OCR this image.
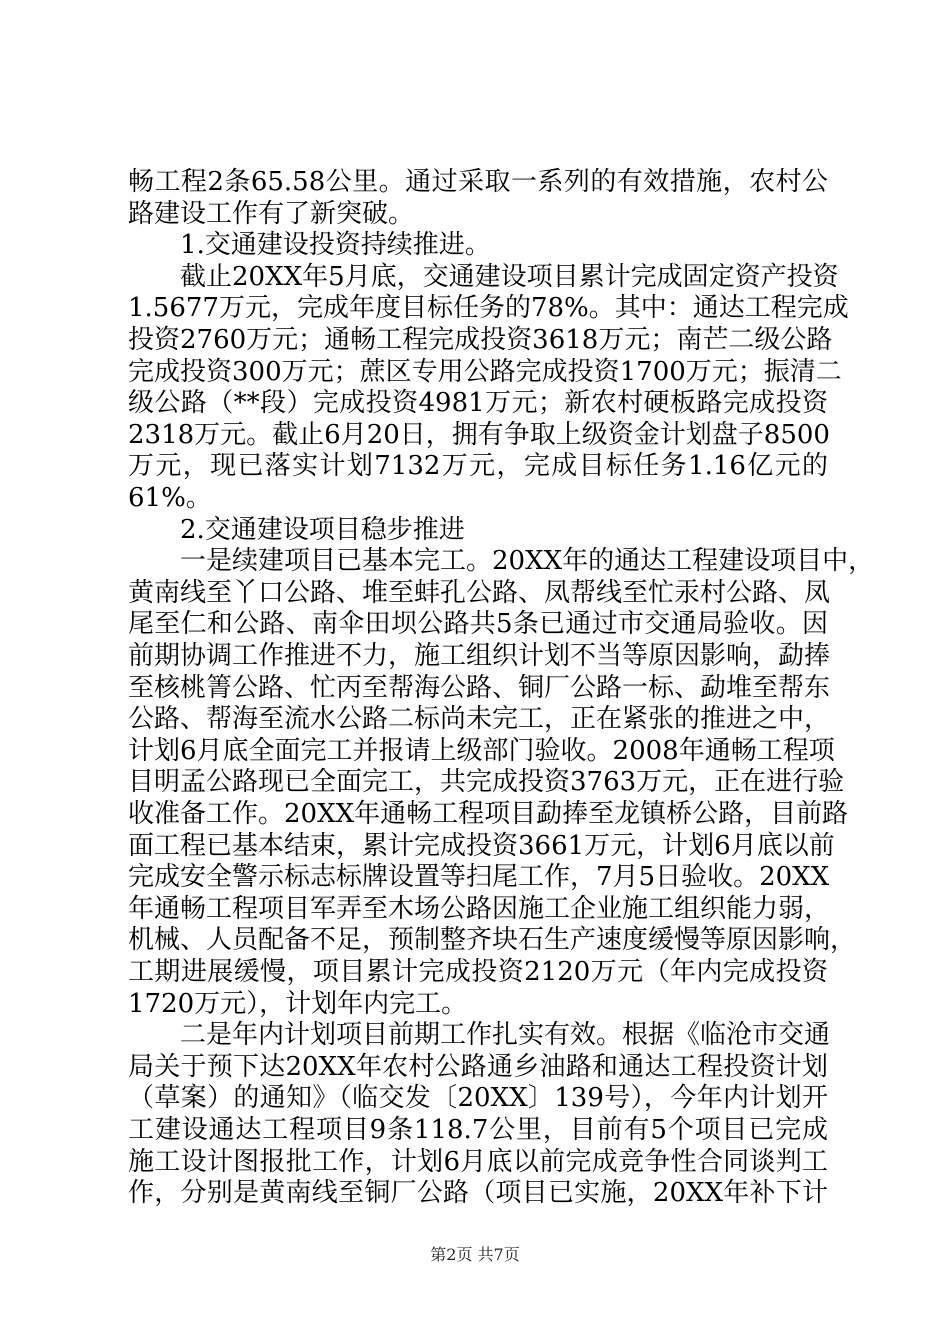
畅工程2条65.58公里。通过采取一系列的有效措施，农村公
路建设工作有了新突破。
1.交通建设投资持续推进。
截止20XX年5月底，交通建设项目累计完成固定资产投资
1.5677万元，完成年度目标任务的78%。其中：通达工程完成
投资2760万元；通畅工程完成投资3618万元；南芒二级公路
完成投资300万元；蔗区专用公路完成投资1700万元；振清二
级公路（**段）完成投资4981万元；新农村硬板路完成投资
2318万元。截止6月20日，拥有争取上级资金计划盘子8500
万元，现已落实计划7132万元，完成目标任务1.16亿元的
61%。
2.交通建设项目稳步推进
一是续建项目已基本完工。20XX年的通达工程建设项目中，
黄南线至丫口公路、堆至蚌孔公路、凤帮线至忙汞村公路、凤
尾至仁和公路、南伞田坝公路共5条已通过市交通局验收。因
前期协调工作推进不力，施工组织计划不当等原因影响，勐捧
至核桃箐公路、忙丙至帮海公路、铜厂公路一标、勐堆至帮东
公路、帮海至流水公路二标尚未完工，正在紧张的推进之中，
计划6月底全面完工并报请上级部门验收。2008年通畅工程项
目明孟公路现已全面完工，共完成投资3763万元，正在进行验
收准备工作。20XX年通畅工程项目勐捧至龙镇桥公路，目前路
面工程已基本结束，累计完成投资3661万元，计划6月底以前
完成安全警示标志标牌设置等扫尾工作，7月5日验收。20XX
年通畅工程项目军弄至木场公路因施工企业施工组织能力弱，
机械、人员配备不足，预制整齐块石生产速度缓慢等原因影响，
工期进展缓慢，项目累计完成投资2120万元（年内完成投资
1720万元），计划年内完工。
二是年内计划项目前期工作扎实有效。根据《临沧市交通
局关于预下达20XX年农村公路通乡油路和通达工程投资计划
（草案）的通知》（临交发〔20XX〕139号），今年内计划开
工建设通达工程项目9条118.7公里，目前有5个项目已完成
施工设计图报批工作，计划6月底以前完成竞争性合同谈判工
作，分别是黄南线至铜厂公路（项目已实施，20XX年补下计
第2页 共7页
